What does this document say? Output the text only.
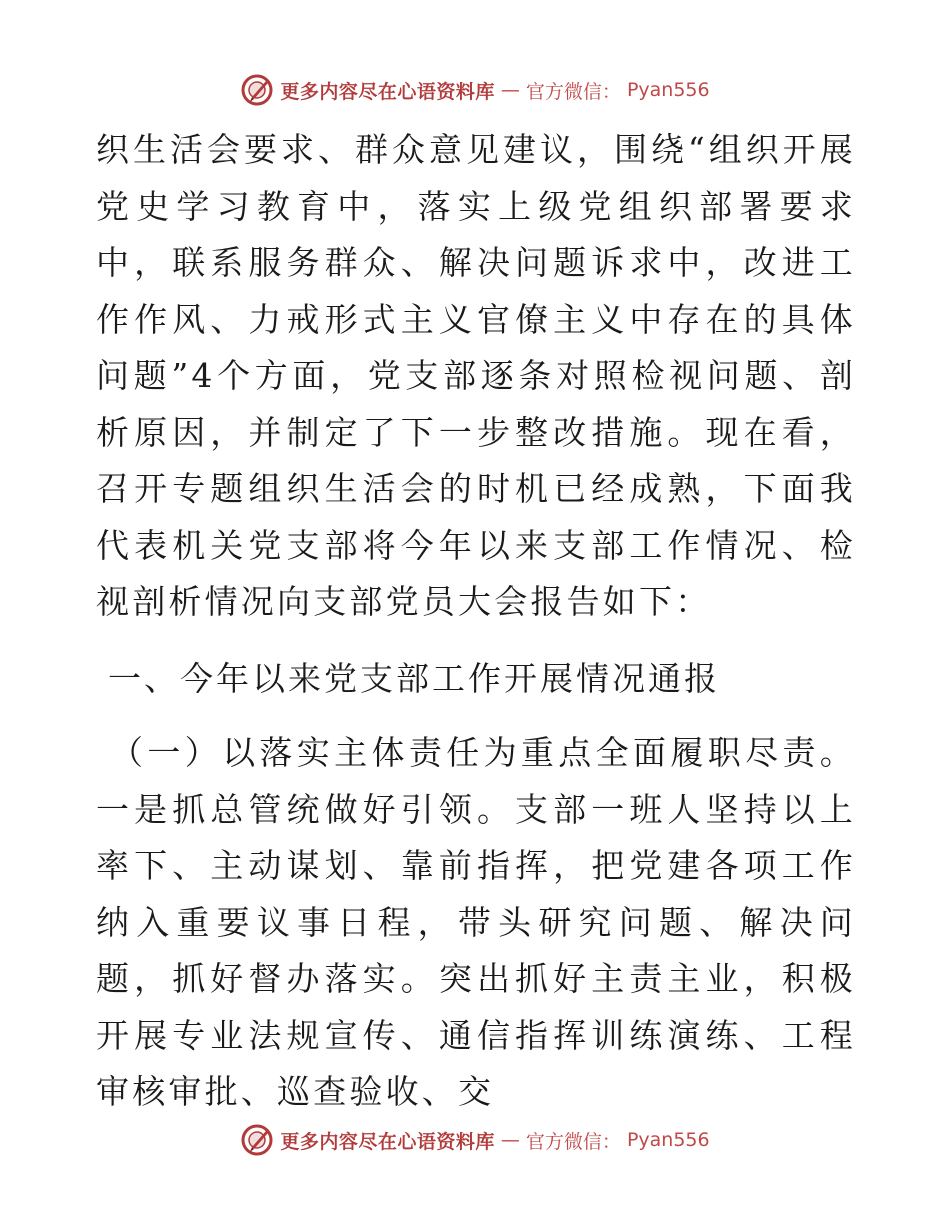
更多内容尽在心语资料库 — 官方微信： Pyan556

织生活会要求、群众意见建议，围绕“组织开展党史学习教育中，落实上级党组织部署要求中，联系服务群众、解决问题诉求中，改进工作作风、力戒形式主义官僚主义中存在的具体问题”4个方面，党支部逐条对照检视问题、剖析原因，并制定了下一步整改措施。现在看，召开专题组织生活会的时机已经成熟，下面我代表机关党支部将今年以来支部工作情况、检视剖析情况向支部党员大会报告如下：

一、今年以来党支部工作开展情况通报

（一）以落实主体责任为重点全面履职尽责。一是抓总管统做好引领。支部一班人坚持以上率下、主动谋划、靠前指挥，把党建各项工作纳入重要议事日程，带头研究问题、解决问题，抓好督办落实。突出抓好主责主业，积极开展专业法规宣传、通信指挥训练演练、工程审核审批、巡查验收、交

更多内容尽在心语资料库 — 官方微信： Pyan556
